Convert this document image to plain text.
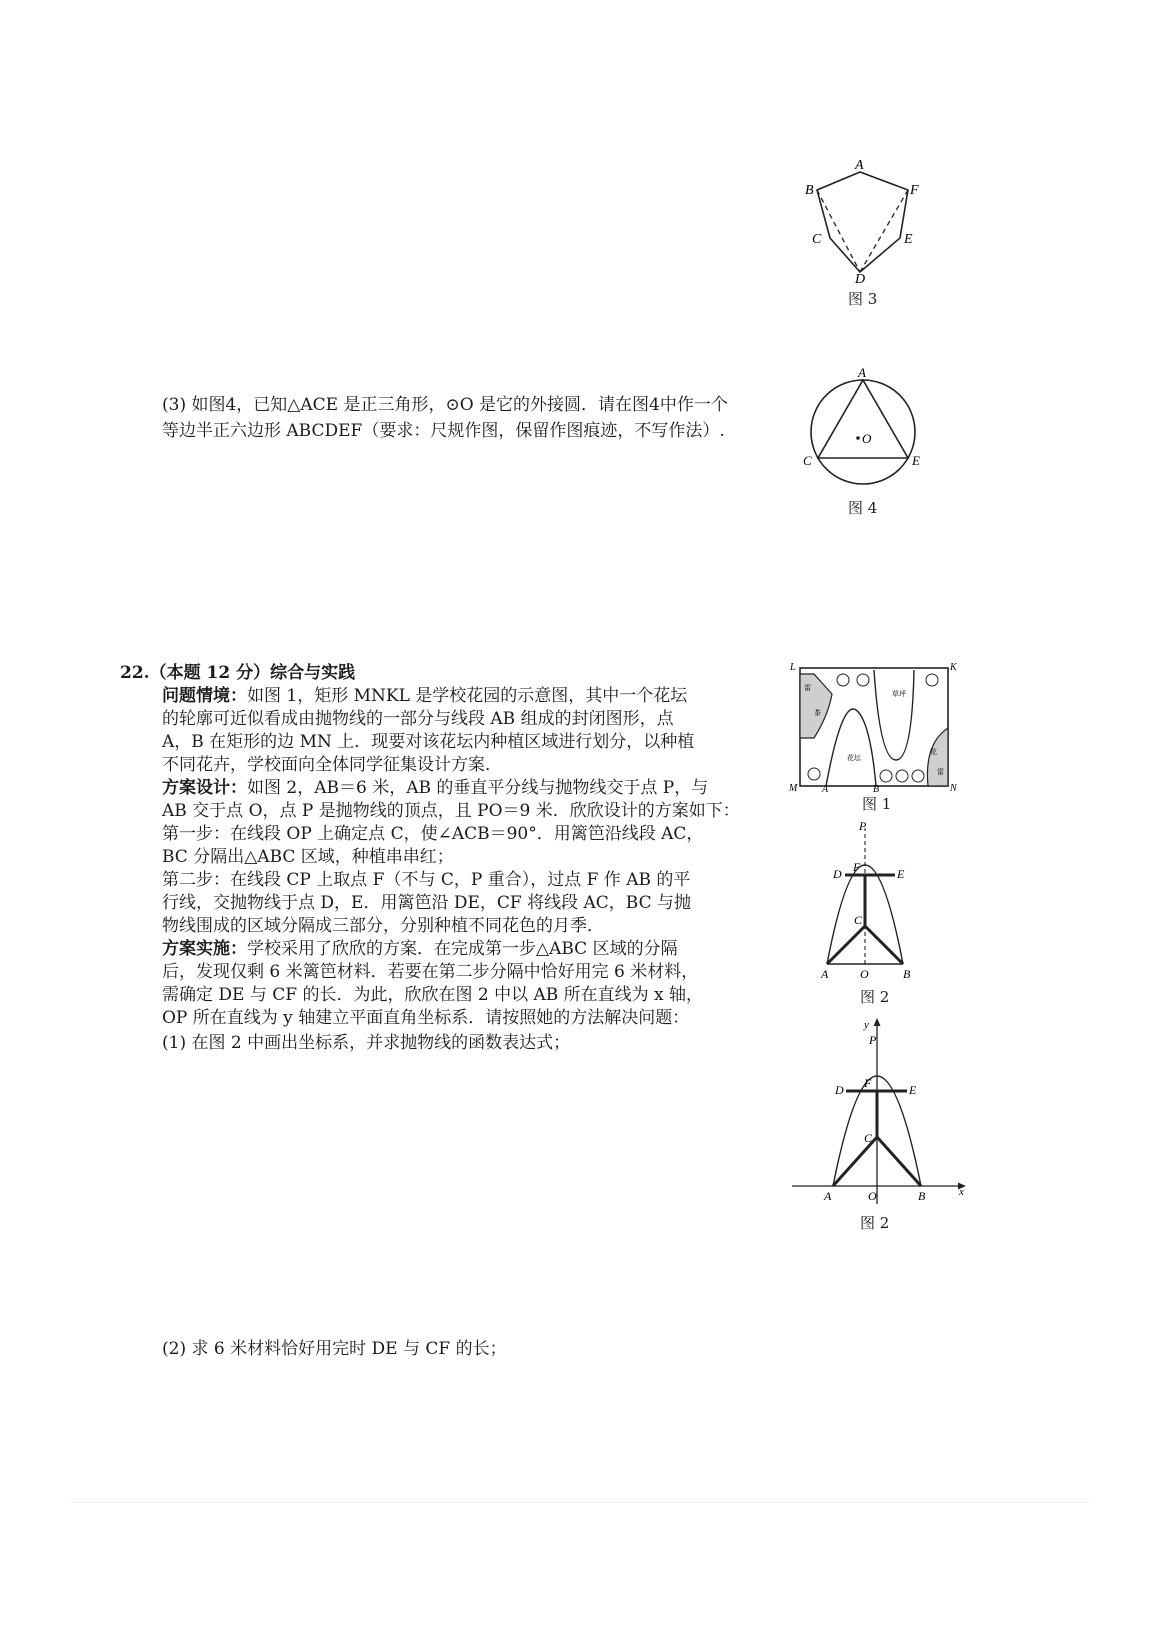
A
B
C
D
E
F
图 3
(3) 如图4，已知△ACE 是正三角形，⊙O 是它的外接圆．请在图4中作一个
等边半正六边形 ABCDEF（要求：尺规作图，保留作图痕迹，不写作法）.	O
A
C	E
图 4
22.（本题 12 分）综合与实践
问题情境：如图 1，矩形 MNKL 是学校花园的示意图，其中一个花坛
的轮廓可近似看成由抛物线的一部分与线段 AB 组成的封闭图形，点
A，B 在矩形的边 MN 上．现要对该花坛内种植区域进行划分，以种植
不同花卉，学校面向全体同学征集设计方案．
方案设计：如图 2，AB＝6 米，AB 的垂直平分线与抛物线交于点 P，与
AB 交于点 O，点 P 是抛物线的顶点，且 PO＝9 米．欣欣设计的方案如下：
第一步：在线段 OP 上确定点 C，使∠ACB＝90°．用篱笆沿线段 AC，
BC 分隔出△ABC 区域，种植串串红；
第二步：在线段 CP 上取点 F（不与 C，P 重合），过点 F 作 AB 的平
行线，交抛物线于点 D，E．用篱笆沿 DE，CF 将线段 AC，BC 与抛
物线围成的区域分隔成三部分，分别种植不同花色的月季．
方案实施：学校采用了欣欣的方案．在完成第一步△ABC 区域的分隔
后，发现仅剩 6 米篱笆材料．若要在第二步分隔中恰好用完 6 米材料，
需确定 DE 与 CF 的长．为此，欣欣在图 2 中以 AB 所在直线为 x 轴，
OP 所在直线为 y 轴建立平面直角坐标系．请按照她的方法解决问题：
(1) 在图 2 中画出坐标系，并求抛物线的函数表达式；
(2) 求 6 米材料恰好用完时 DE 与 CF 的长；
雷
茶
花坛
草坪
花
雷
L	K
M	N
A	B
图 1
P
F
D	E
C
A	O	B
图 2
x
y
P
F
D	E
C
A	O	B
图 2
